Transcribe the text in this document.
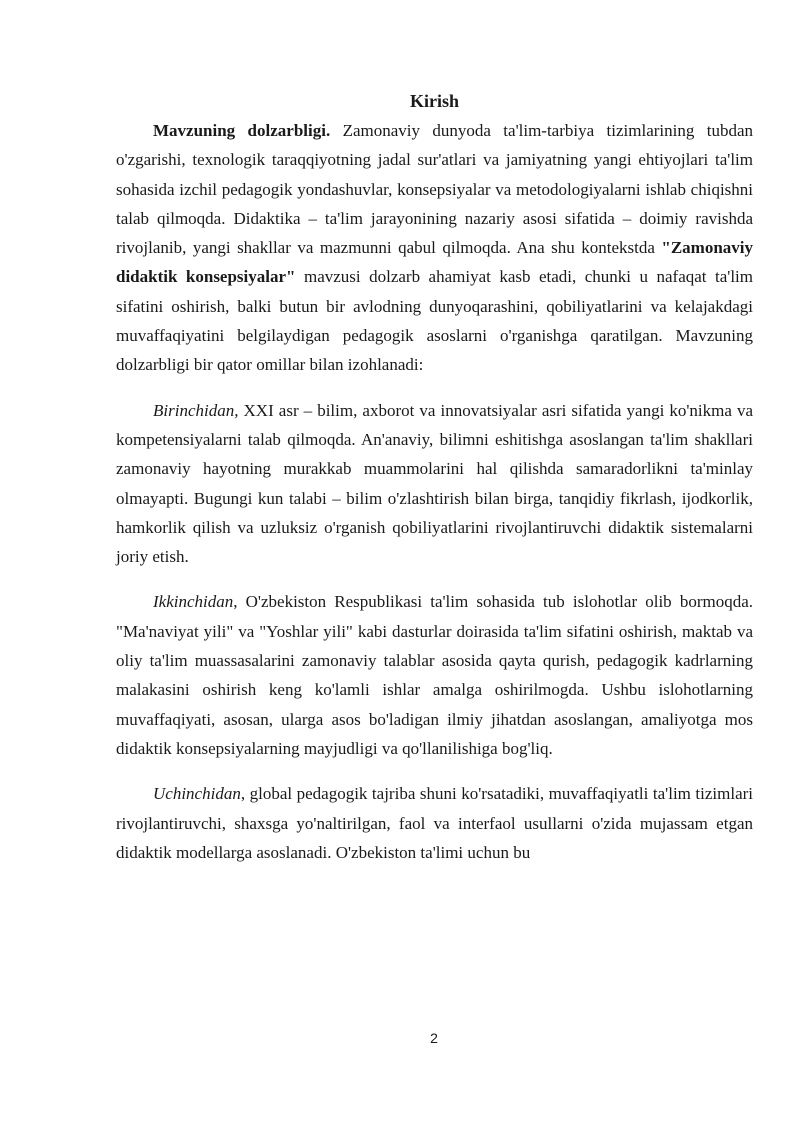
Kirish

Mavzuning dolzarbligi. Zamonaviy dunyoda ta'lim-tarbiya tizimlarining tubdan o'zgarishi, texnologik taraqqiyotning jadal sur'atlari va jamiyatning yangi ehtiyojlari ta'lim sohasida izchil pedagogik yondashuvlar, konsepsiyalar va metodologiyalarni ishlab chiqishni talab qilmoqda. Didaktika – ta'lim jarayonining nazariy asosi sifatida – doimiy ravishda rivojlanib, yangi shakllar va mazmunni qabul qilmoqda. Ana shu kontekstda "Zamonaviy didaktik konsepsiyalar" mavzusi dolzarb ahamiyat kasb etadi, chunki u nafaqat ta'lim sifatini oshirish, balki butun bir avlodning dunyoqarashini, qobiliyatlarini va kelajakdagi muvaffaqiyatini belgilaydigan pedagogik asoslarni o'rganishga qaratilgan. Mavzuning dolzarbligi bir qator omillar bilan izohlanadi:

Birinchidan, XXI asr – bilim, axborot va innovatsiyalar asri sifatida yangi ko'nikma va kompetensiyalarni talab qilmoqda. An'anaviy, bilimni eshitishga asoslangan ta'lim shakllari zamonaviy hayotning murakkab muammolarini hal qilishda samaradorlikni ta'minlay olmayapti. Bugungi kun talabi – bilim o'zlashtirish bilan birga, tanqidiy fikrlash, ijodkorlik, hamkorlik qilish va uzluksiz o'rganish qobiliyatlarini rivojlantiruvchi didaktik sistemalarni joriy etish.

Ikkinchidan, O'zbekiston Respublikasi ta'lim sohasida tub islohotlar olib bormoqda. "Ma'naviyat yili" va "Yoshlar yili" kabi dasturlar doirasida ta'lim sifatini oshirish, maktab va oliy ta'lim muassasalarini zamonaviy talablar asosida qayta qurish, pedagogik kadrlarning malakasini oshirish keng ko'lamli ishlar amalga oshirilmogda. Ushbu islohotlarning muvaffaqiyati, asosan, ularga asos bo'ladigan ilmiy jihatdan asoslangan, amaliyotga mos didaktik konsepsiyalarning mayjudligi va qo'llanilishiga bog'liq.

Uchinchidan, global pedagogik tajriba shuni ko'rsatadiki, muvaffaqiyatli ta'lim tizimlari rivojlantiruvchi, shaxsga yo'naltirilgan, faol va interfaol usullarni o'zida mujassam etgan didaktik modellarga asoslanadi. O'zbekiston ta'limi uchun bu

2
